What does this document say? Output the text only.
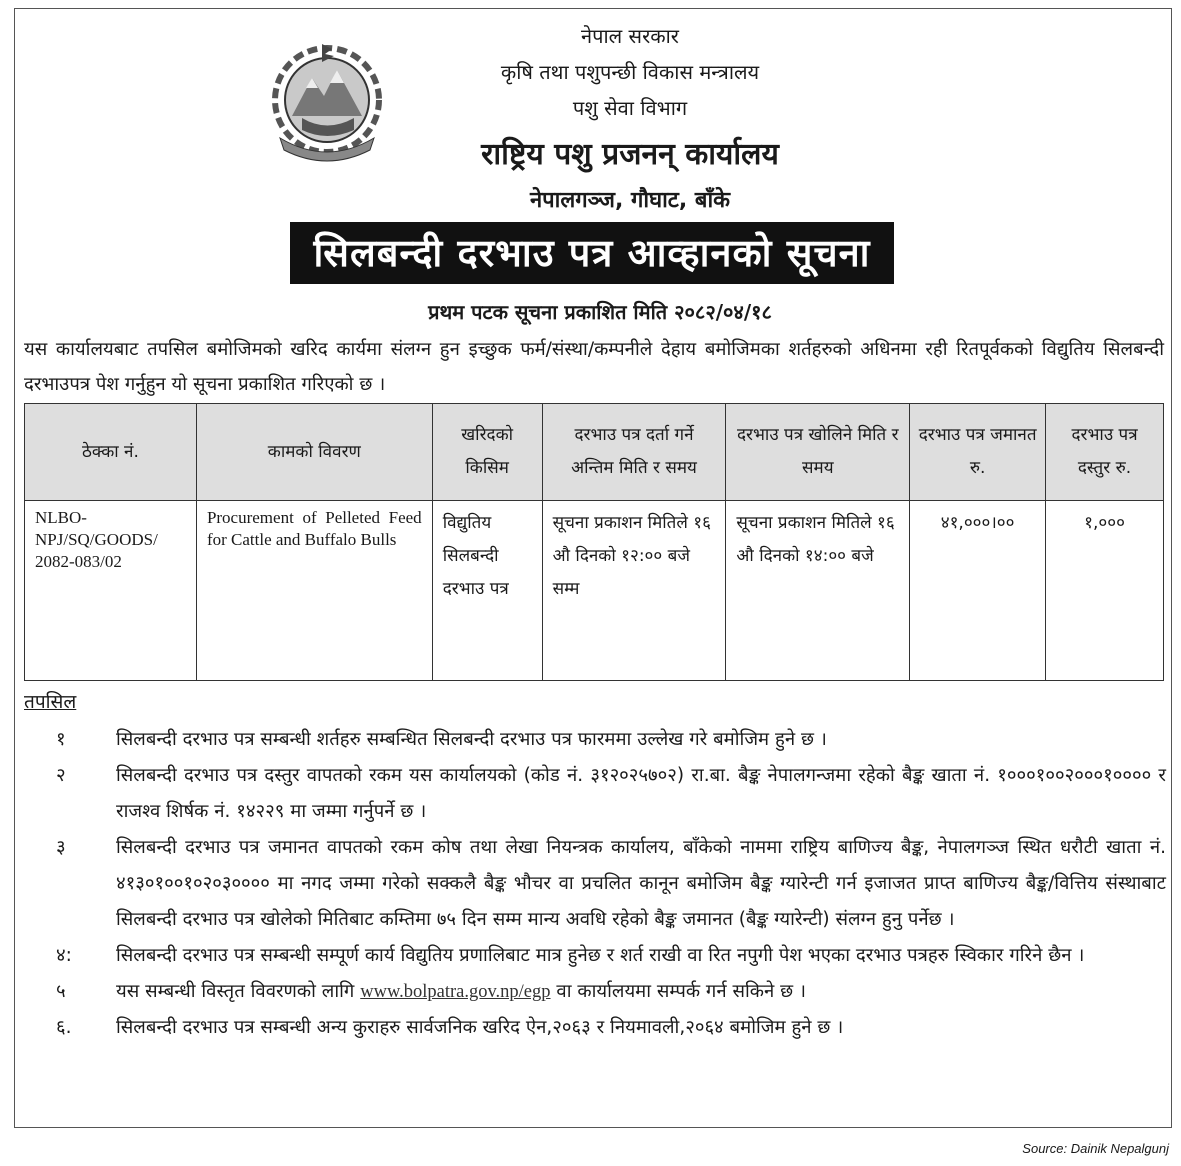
नेपाल सरकार
कृषि तथा पशुपन्छी विकास मन्त्रालय
पशु सेवा विभाग
राष्ट्रिय पशु प्रजनन् कार्यालय
नेपालगञ्ज, गौघाट, बाँके
सिलबन्दी दरभाउ पत्र आव्हानको सूचना
प्रथम पटक सूचना प्रकाशित मिति २०८२/०४/१८
यस कार्यालयबाट तपसिल बमोजिमको खरिद कार्यमा संलग्न हुन इच्छुक फर्म/संस्था/कम्पनीले देहाय बमोजिमका शर्तहरुको अधिनमा रही रितपूर्वकको विद्युतिय सिलबन्दी दरभाउपत्र पेश गर्नुहुन यो सूचना प्रकाशित गरिएको छ ।
ठेक्का नं.	कामको विवरण	खरिदको किसिम	दरभाउ पत्र दर्ता गर्ने अन्तिम मिति र समय	दरभाउ पत्र खोलिने मिति र समय	दरभाउ पत्र जमानत रु.	दरभाउ पत्र दस्तुर रु.
NLBO-NPJ/SQ/GOODS/ 2082-083/02	Procurement of Pelleted Feed for Cattle and Buffalo Bulls	विद्युतिय सिलबन्दी दरभाउ पत्र	सूचना प्रकाशन मितिले १६ औ दिनको १२:०० बजे सम्म	सूचना प्रकाशन मितिले १६ औ दिनको १४:०० बजे	४१,०००।००	१,०००
तपसिल
१	सिलबन्दी दरभाउ पत्र सम्बन्धी शर्तहरु सम्बन्धित सिलबन्दी दरभाउ पत्र फारममा उल्लेख गरे बमोजिम हुने छ ।
२	सिलबन्दी दरभाउ पत्र दस्तुर वापतको रकम यस कार्यालयको (कोड नं. ३१२०२५७०२) रा.बा. बैङ्क नेपालगन्जमा रहेको बैङ्क खाता नं. १०००१००२०००१०००० र राजश्व शिर्षक नं. १४२२९ मा जम्मा गर्नुपर्ने छ ।
३	सिलबन्दी दरभाउ पत्र जमानत वापतको रकम कोष तथा लेखा नियन्त्रक कार्यालय, बाँकेको नाममा राष्ट्रिय बाणिज्य बैङ्क, नेपालगञ्ज स्थित धरौटी खाता नं. ४१३०१००१०२०३०००० मा नगद जम्मा गरेको सक्कलै बैङ्क भौचर वा प्रचलित कानून बमोजिम बैङ्क ग्यारेन्टी गर्न इजाजत प्राप्त बाणिज्य बैङ्क/वित्तिय संस्थाबाट सिलबन्दी दरभाउ पत्र खोलेको मितिबाट कम्तिमा ७५ दिन सम्म मान्य अवधि रहेको बैङ्क जमानत (बैङ्क ग्यारेन्टी) संलग्न हुनु पर्नेछ ।
४: सिलबन्दी दरभाउ पत्र सम्बन्धी सम्पूर्ण कार्य विद्युतिय प्रणालिबाट मात्र हुनेछ र शर्त राखी वा रित नपुगी पेश भएका दरभाउ पत्रहरु स्विकार गरिने छैन ।
५	यस सम्बन्धी विस्तृत विवरणको लागि www.bolpatra.gov.np/egp वा कार्यालयमा सम्पर्क गर्न सकिने छ ।
६. सिलबन्दी दरभाउ पत्र सम्बन्धी अन्य कुराहरु सार्वजनिक खरिद ऐन,२०६३ र नियमावली,२०६४ बमोजिम हुने छ ।
Source: Dainik Nepalgunj
